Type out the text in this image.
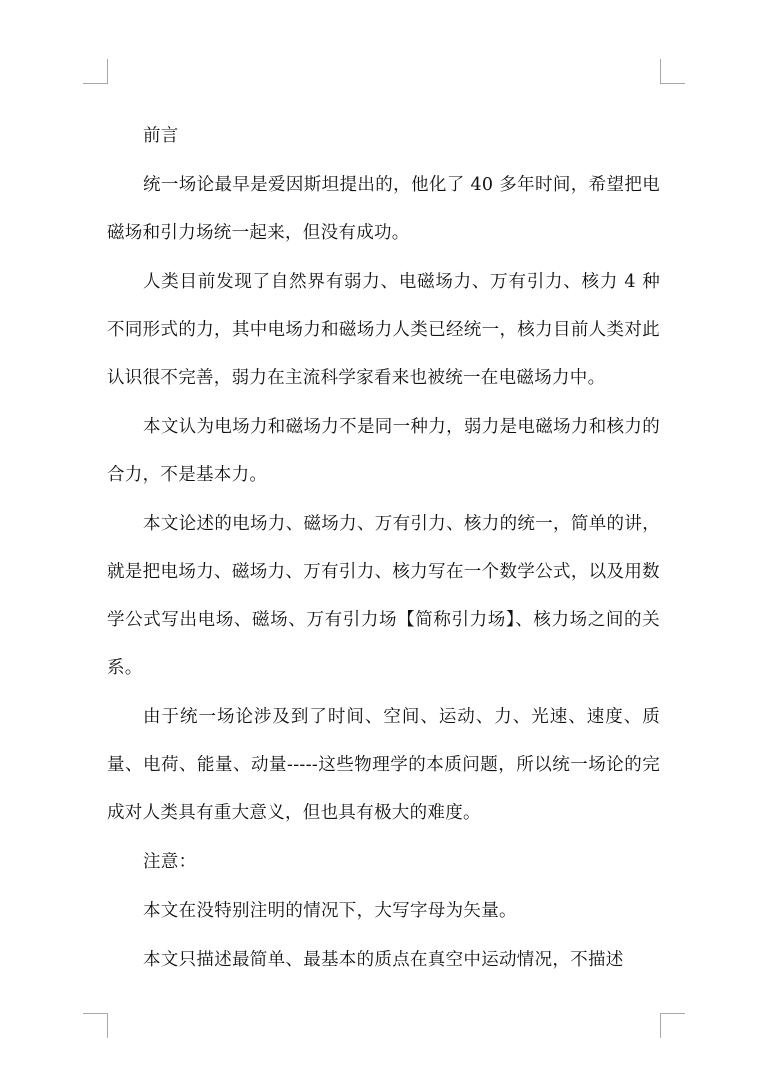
前言

统一场论最早是爱因斯坦提出的，他化了 40 多年时间，希望把电磁场和引力场统一起来，但没有成功。

人类目前发现了自然界有弱力、电磁场力、万有引力、核力 4 种不同形式的力，其中电场力和磁场力人类已经统一，核力目前人类对此认识很不完善，弱力在主流科学家看来也被统一在电磁场力中。

本文认为电场力和磁场力不是同一种力，弱力是电磁场力和核力的合力，不是基本力。

本文论述的电场力、磁场力、万有引力、核力的统一，简单的讲，就是把电场力、磁场力、万有引力、核力写在一个数学公式，以及用数学公式写出电场、磁场、万有引力场【简称引力场】、核力场之间的关系。

由于统一场论涉及到了时间、空间、运动、力、光速、速度、质量、电荷、能量、动量-----这些物理学的本质问题，所以统一场论的完成对人类具有重大意义，但也具有极大的难度。

注意：

本文在没特别注明的情况下，大写字母为矢量。

本文只描述最简单、最基本的质点在真空中运动情况，不描述
